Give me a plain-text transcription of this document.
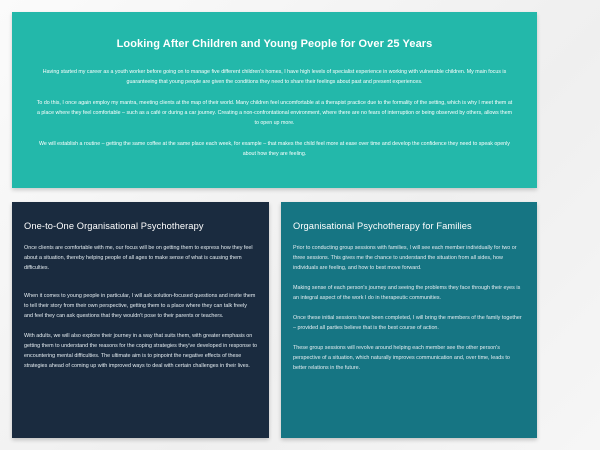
Looking After Children and Young People for Over 25 Years

Having started my career as a youth worker before going on to manage five different children's homes, I have high levels of specialist experience in working with vulnerable children. My main focus is guaranteeing that young people are given the conditions they need to share their feelings about past and present experiences.

To do this, I once again employ my mantra, meeting clients at the map of their world. Many children feel uncomfortable at a therapist practice due to the formality of the setting, which is why I meet them at a place where they feel comfortable – such as a café or during a car journey. Creating a non-confrontational environment, where there are no fears of interruption or being observed by others, allows them to open up more.

We will establish a routine – getting the same coffee at the same place each week, for example – that makes the child feel more at ease over time and develop the confidence they need to speak openly about how they are feeling.

One-to-One Organisational Psychotherapy

Once clients are comfortable with me, our focus will be on getting them to express how they feel about a situation, thereby helping people of all ages to make sense of what is causing them difficulties.

When it comes to young people in particular, I will ask solution-focused questions and invite them to tell their story from their own perspective, getting them to a place where they can talk freely and feel they can ask questions that they wouldn't pose to their parents or teachers.

With adults, we will also explore their journey in a way that suits them, with greater emphasis on getting them to understand the reasons for the coping strategies they've developed in response to encountering mental difficulties. The ultimate aim is to pinpoint the negative effects of these strategies ahead of coming up with improved ways to deal with certain challenges in their lives.

Organisational Psychotherapy for Families

Prior to conducting group sessions with families, I will see each member individually for two or three sessions. This gives me the chance to understand the situation from all sides, how individuals are feeling, and how to best move forward.

Making sense of each person's journey and seeing the problems they face through their eyes is an integral aspect of the work I do in therapeutic communities.

Once these initial sessions have been completed, I will bring the members of the family together – provided all parties believe that is the best course of action.

These group sessions will revolve around helping each member see the other person's perspective of a situation, which naturally improves communication and, over time, leads to better relations in the future.
